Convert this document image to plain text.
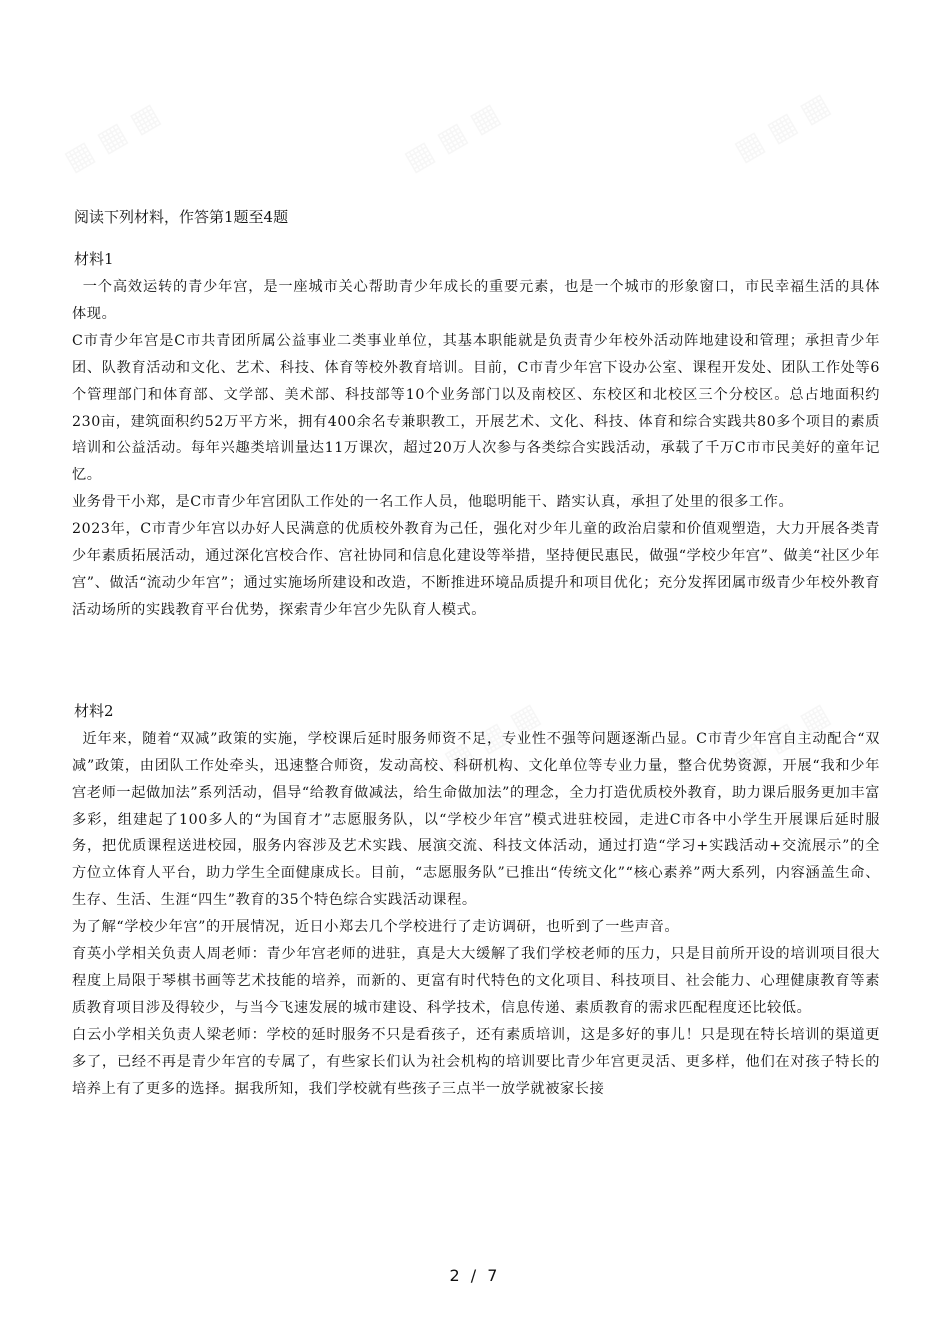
阅读下列材料，作答第1题至4题

材料1

一个高效运转的青少年宫，是一座城市关心帮助青少年成长的重要元素，也是一个城市的形象窗口，市民幸福生活的具体体现。

C市青少年宫是C市共青团所属公益事业二类事业单位，其基本职能就是负责青少年校外活动阵地建设和管理；承担青少年团、队教育活动和文化、艺术、科技、体育等校外教育培训。目前，C市青少年宫下设办公室、课程开发处、团队工作处等6个管理部门和体育部、文学部、美术部、科技部等10个业务部门以及南校区、东校区和北校区三个分校区。总占地面积约230亩，建筑面积约52万平方米，拥有400余名专兼职教工，开展艺术、文化、科技、体育和综合实践共80多个项目的素质培训和公益活动。每年兴趣类培训量达11万课次，超过20万人次参与各类综合实践活动，承载了千万C市市民美好的童年记忆。

业务骨干小郑，是C市青少年宫团队工作处的一名工作人员，他聪明能干、踏实认真，承担了处里的很多工作。

2023年，C市青少年宫以办好人民满意的优质校外教育为己任，强化对少年儿童的政治启蒙和价值观塑造，大力开展各类青少年素质拓展活动，通过深化宫校合作、宫社协同和信息化建设等举措，坚持便民惠民，做强“学校少年宫”、做美“社区少年宫”、做活“流动少年宫”；通过实施场所建设和改造，不断推进环境品质提升和项目优化；充分发挥团属市级青少年校外教育活动场所的实践教育平台优势，探索青少年宫少先队育人模式。

材料2

近年来，随着“双减”政策的实施，学校课后延时服务师资不足，专业性不强等问题逐渐凸显。C市青少年宫自主动配合“双减”政策，由团队工作处牵头，迅速整合师资，发动高校、科研机构、文化单位等专业力量，整合优势资源，开展“我和少年宫老师一起做加法”系列活动，倡导“给教育做减法，给生命做加法”的理念，全力打造优质校外教育，助力课后服务更加丰富多彩，组建起了100多人的“为国育才”志愿服务队，以“学校少年宫”模式进驻校园，走进C市各中小学生开展课后延时服务，把优质课程送进校园，服务内容涉及艺术实践、展演交流、科技文体活动，通过打造“学习+实践活动+交流展示”的全方位立体育人平台，助力学生全面健康成长。目前，“志愿服务队”已推出“传统文化”“核心素养”两大系列，内容涵盖生命、生存、生活、生涯“四生”教育的35个特色综合实践活动课程。

为了解“学校少年宫”的开展情况，近日小郑去几个学校进行了走访调研，也听到了一些声音。

育英小学相关负责人周老师：青少年宫老师的进驻，真是大大缓解了我们学校老师的压力，只是目前所开设的培训项目很大程度上局限于琴棋书画等艺术技能的培养，而新的、更富有时代特色的文化项目、科技项目、社会能力、心理健康教育等素质教育项目涉及得较少，与当今飞速发展的城市建设、科学技术，信息传递、素质教育的需求匹配程度还比较低。

白云小学相关负责人梁老师：学校的延时服务不只是看孩子，还有素质培训，这是多好的事儿！只是现在特长培训的渠道更多了，已经不再是青少年宫的专属了，有些家长们认为社会机构的培训要比青少年宫更灵活、更多样，他们在对孩子特长的培养上有了更多的选择。据我所知，我们学校就有些孩子三点半一放学就被家长接

2 / 7
